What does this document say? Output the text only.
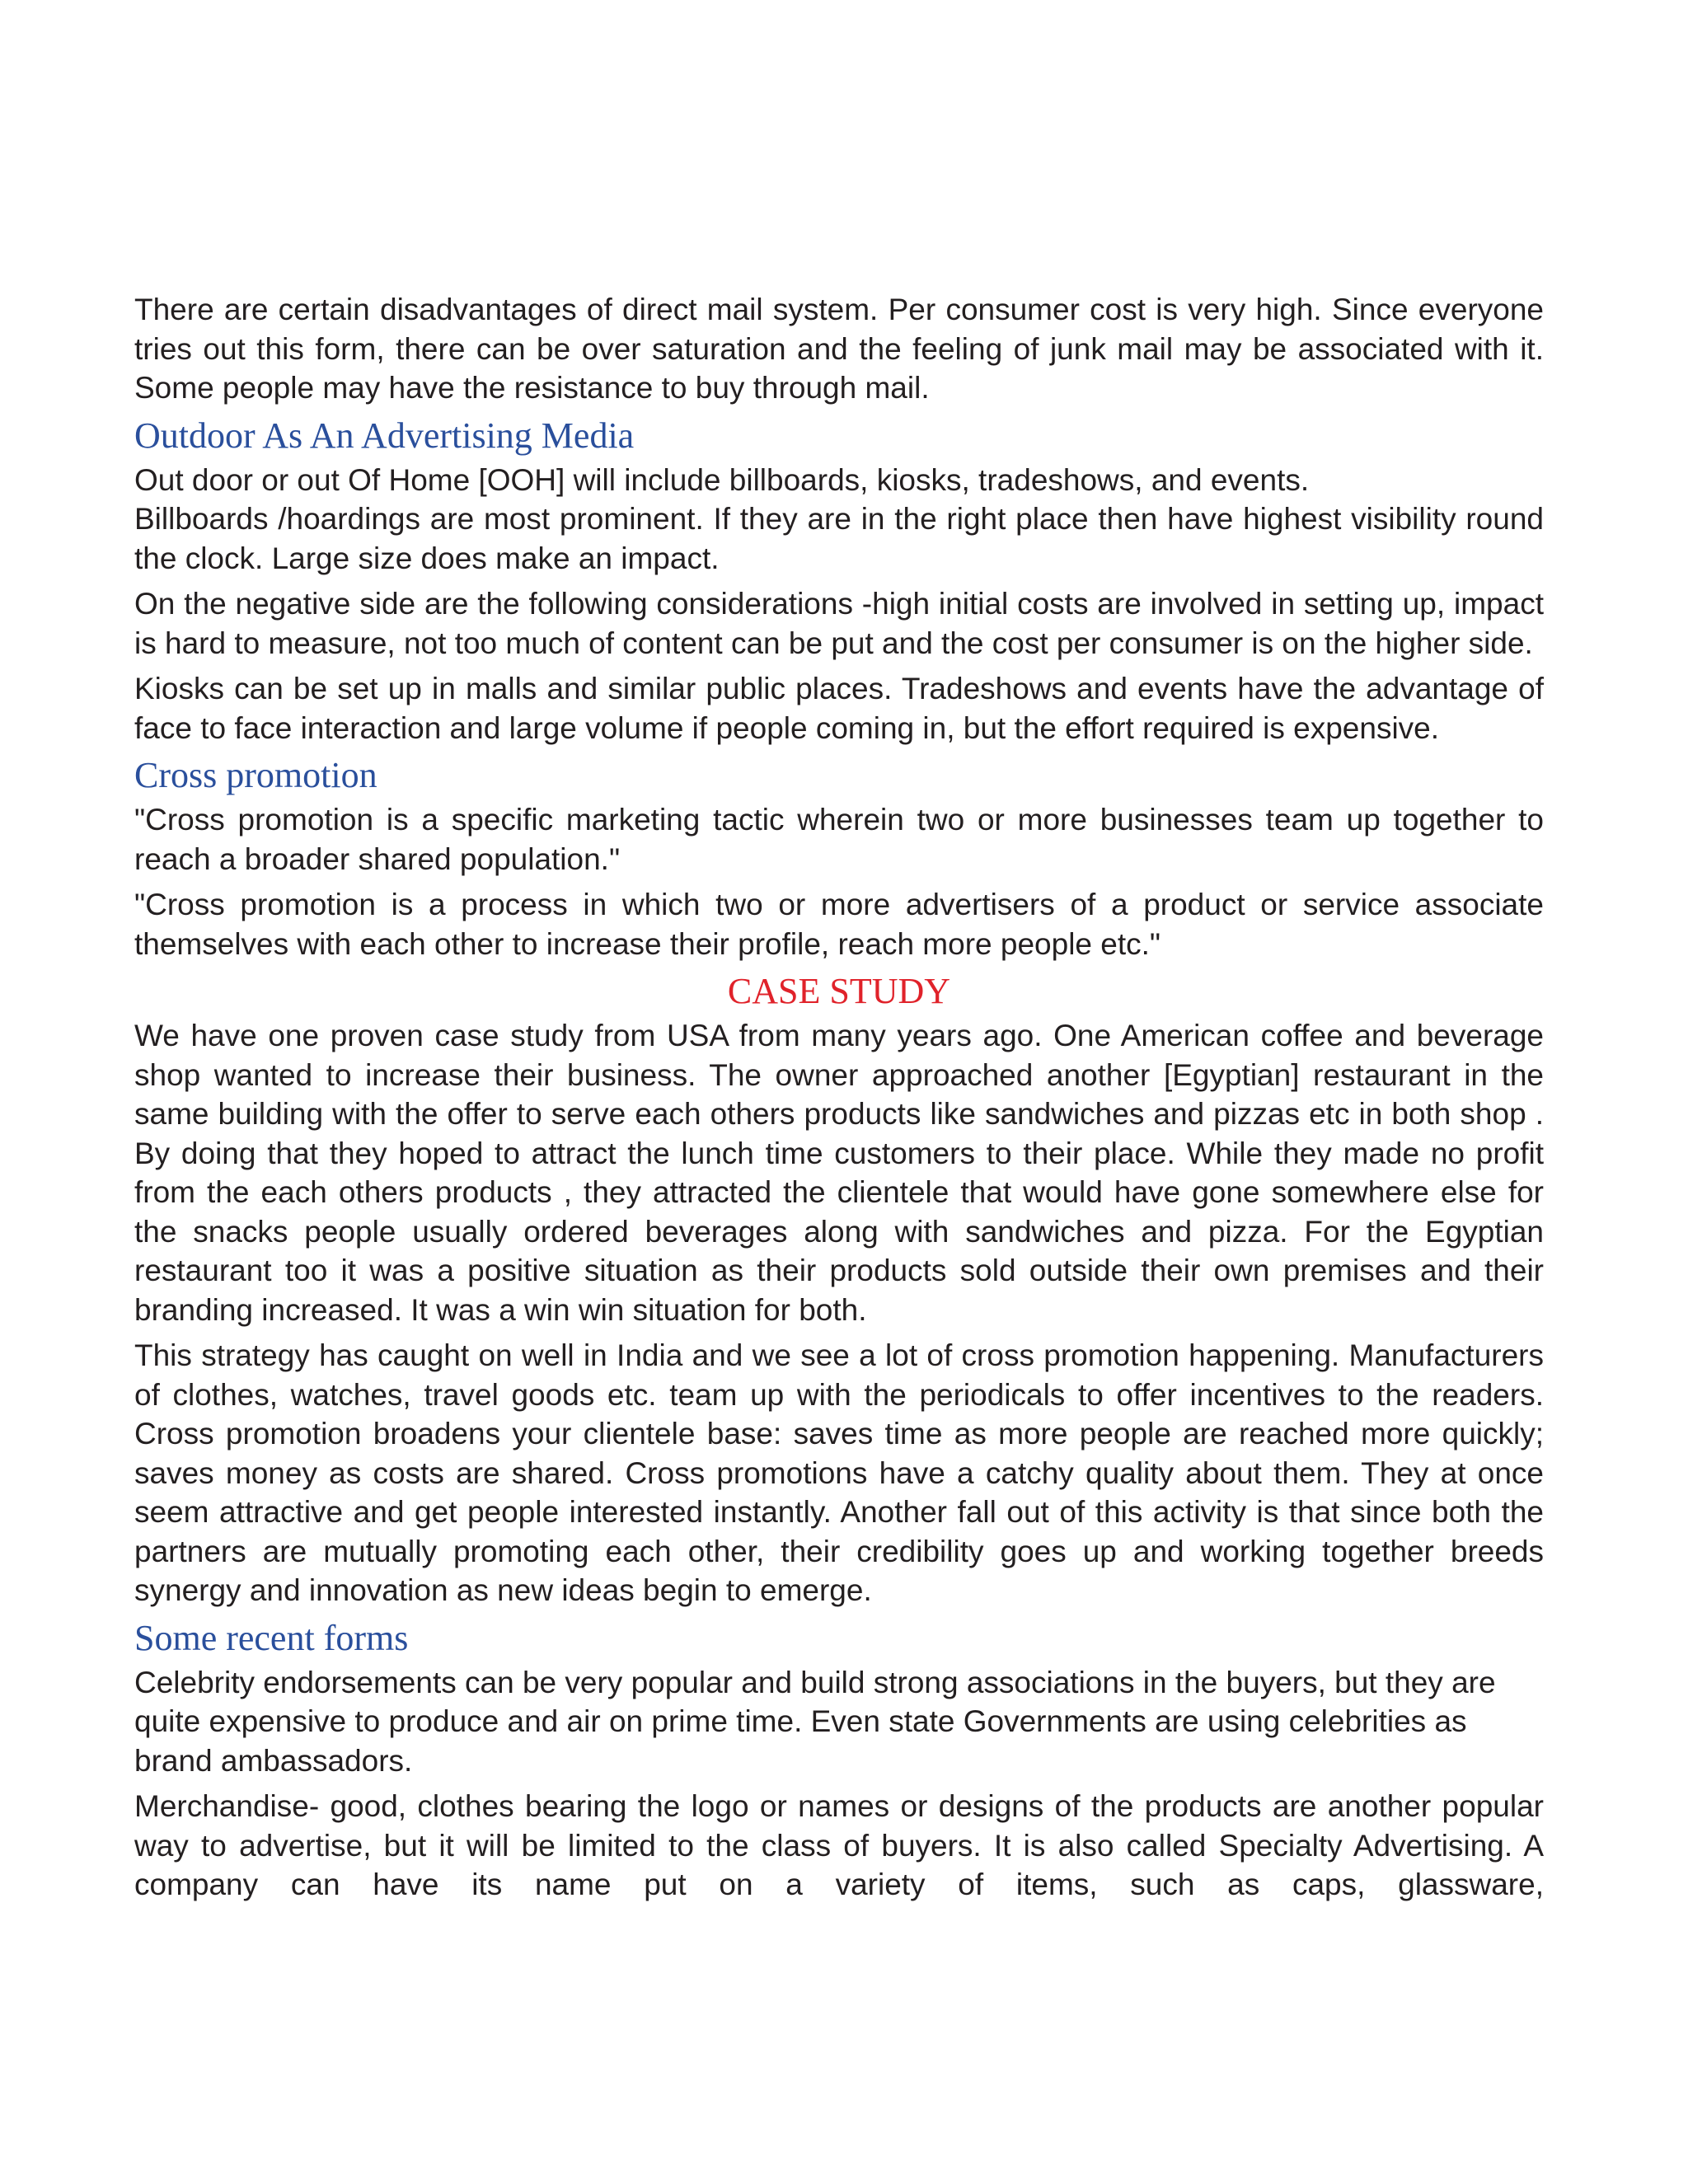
There are certain disadvantages of direct mail system. Per consumer cost is very high. Since everyone tries out this form, there can be over saturation and the feeling of junk mail may be associated with it. Some people may have the resistance to buy through mail.

Outdoor As An Advertising Media

Out door or out Of Home [OOH] will include billboards, kiosks, tradeshows, and events.
Billboards /hoardings are most prominent. If they are in the right place then have highest visibility round the clock. Large size does make an impact.

On the negative side are the following considerations -high initial costs are involved in setting up, impact is hard to measure, not too much of content can be put and the cost per consumer is on the higher side.

Kiosks can be set up in malls and similar public places. Tradeshows and events have the advantage of face to face interaction and large volume if people coming in, but the effort required is expensive.

Cross promotion

"Cross promotion is a specific marketing tactic wherein two or more businesses team up together to reach a broader shared population."

"Cross promotion is a process in which two or more advertisers of a product or service associate themselves with each other to increase their profile, reach more people etc."

CASE STUDY

We have one proven case study from USA from many years ago. One American coffee and beverage shop wanted to increase their business. The owner approached another [Egyptian] restaurant in the same building with the offer to serve each others products like sandwiches and pizzas etc in both shop . By doing that they hoped to attract the lunch time customers to their place. While they made no profit from the each others products , they attracted the clientele that would have gone somewhere else for the snacks people usually ordered beverages along with sandwiches and pizza. For the Egyptian restaurant too it was a positive situation as their products sold outside their own premises and their branding increased. It was a win win situation for both.

This strategy has caught on well in India and we see a lot of cross promotion happening. Manufacturers of clothes, watches, travel goods etc. team up with the periodicals to offer incentives to the readers. Cross promotion broadens your clientele base: saves time as more people are reached more quickly; saves money as costs are shared. Cross promotions have a catchy quality about them. They at once seem attractive and get people interested instantly. Another fall out of this activity is that since both the partners are mutually promoting each other, their credibility goes up and working together breeds synergy and innovation as new ideas begin to emerge.

Some recent forms

Celebrity endorsements can be very popular and build strong associations in the buyers, but they are quite expensive to produce and air on prime time. Even state Governments are using celebrities as brand ambassadors.

Merchandise- good, clothes bearing the logo or names or designs of the products are another popular way to advertise, but it will be limited to the class of buyers. It is also called Specialty Advertising. A company can have its name put on a variety of items, such as caps, glassware,
